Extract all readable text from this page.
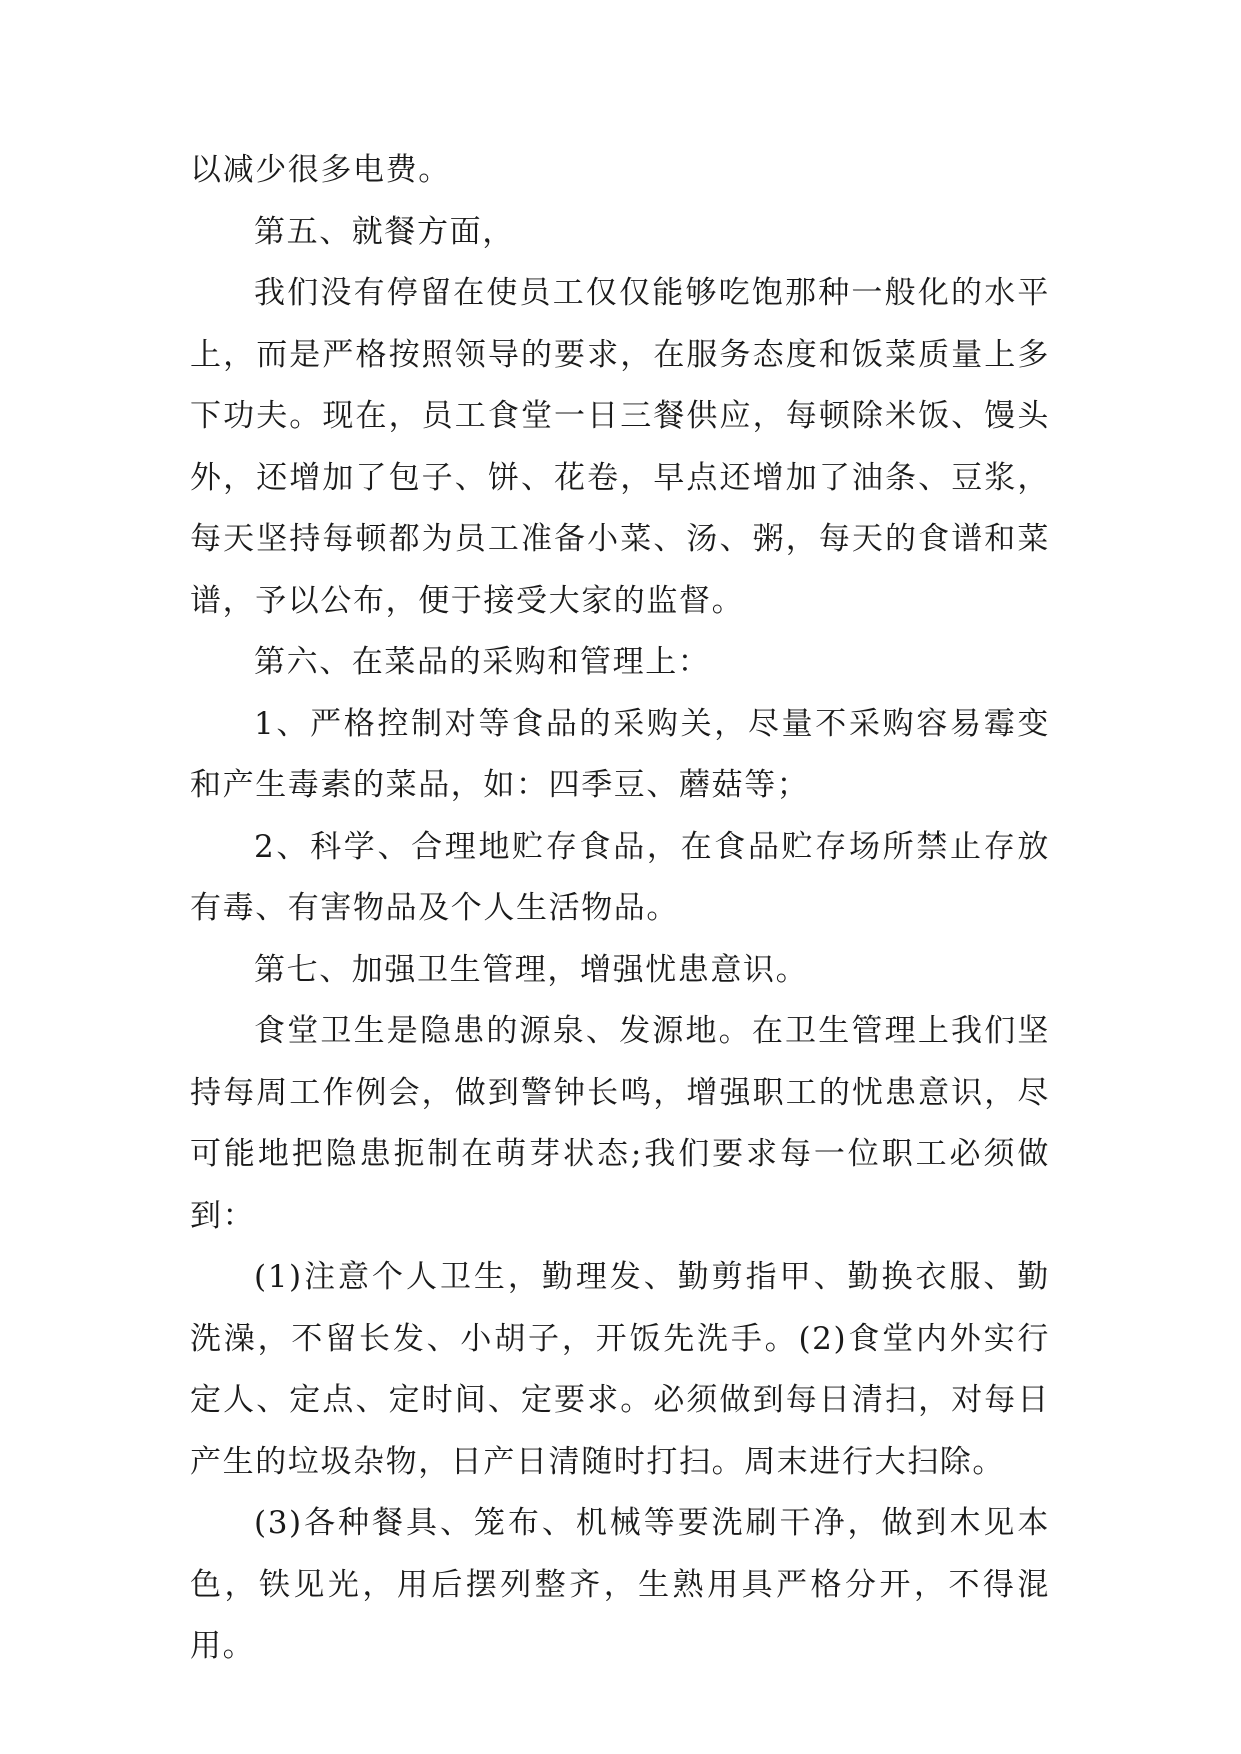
以减少很多电费。

第五、就餐方面，

我们没有停留在使员工仅仅能够吃饱那种一般化的水平上，而是严格按照领导的要求，在服务态度和饭菜质量上多下功夫。现在，员工食堂一日三餐供应，每顿除米饭、馒头外，还增加了包子、饼、花卷，早点还增加了油条、豆浆，每天坚持每顿都为员工准备小菜、汤、粥，每天的食谱和菜谱，予以公布，便于接受大家的监督。

第六、在菜品的采购和管理上：

1、严格控制对等食品的采购关，尽量不采购容易霉变和产生毒素的菜品，如：四季豆、蘑菇等；

2、科学、合理地贮存食品，在食品贮存场所禁止存放有毒、有害物品及个人生活物品。

第七、加强卫生管理，增强忧患意识。

食堂卫生是隐患的源泉、发源地。在卫生管理上我们坚持每周工作例会，做到警钟长鸣，增强职工的忧患意识，尽可能地把隐患扼制在萌芽状态;我们要求每一位职工必须做到：

(1)注意个人卫生，勤理发、勤剪指甲、勤换衣服、勤洗澡，不留长发、小胡子，开饭先洗手。(2)食堂内外实行定人、定点、定时间、定要求。必须做到每日清扫，对每日产生的垃圾杂物，日产日清随时打扫。周末进行大扫除。

(3)各种餐具、笼布、机械等要洗刷干净，做到木见本色，铁见光，用后摆列整齐，生熟用具严格分开，不得混用。
